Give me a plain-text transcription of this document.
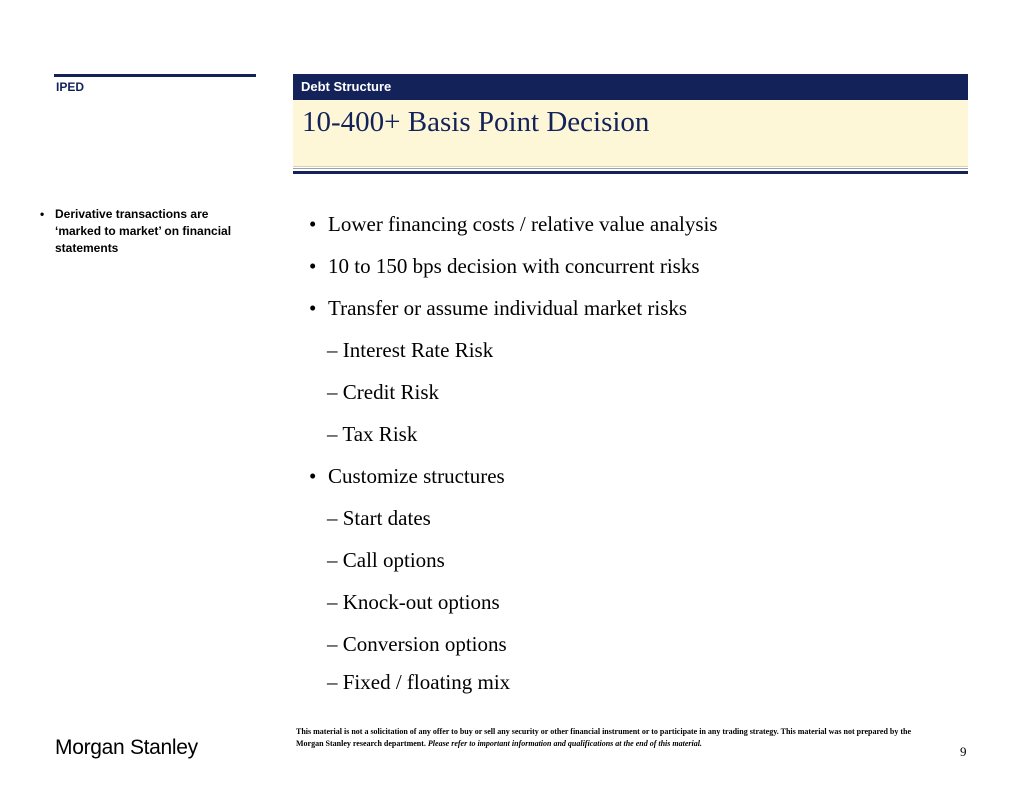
IPED	Debt Structure
10-400+ Basis Point Decision
• Derivative transactions are ‘marked to market’ on financial statements
• Lower financing costs / relative value analysis
• 10 to 150 bps decision with concurrent risks
• Transfer or assume individual market risks
– Interest Rate Risk
– Credit Risk
– Tax Risk
• Customize structures
– Start dates
– Call options
– Knock-out options
– Conversion options
– Fixed / floating mix
This material is not a solicitation of any offer to buy or sell any security or other financial instrument or to participate in any trading strategy. This material was not prepared by the Morgan Stanley research department. Please refer to important information and qualifications at the end of this material.
Morgan Stanley	9
